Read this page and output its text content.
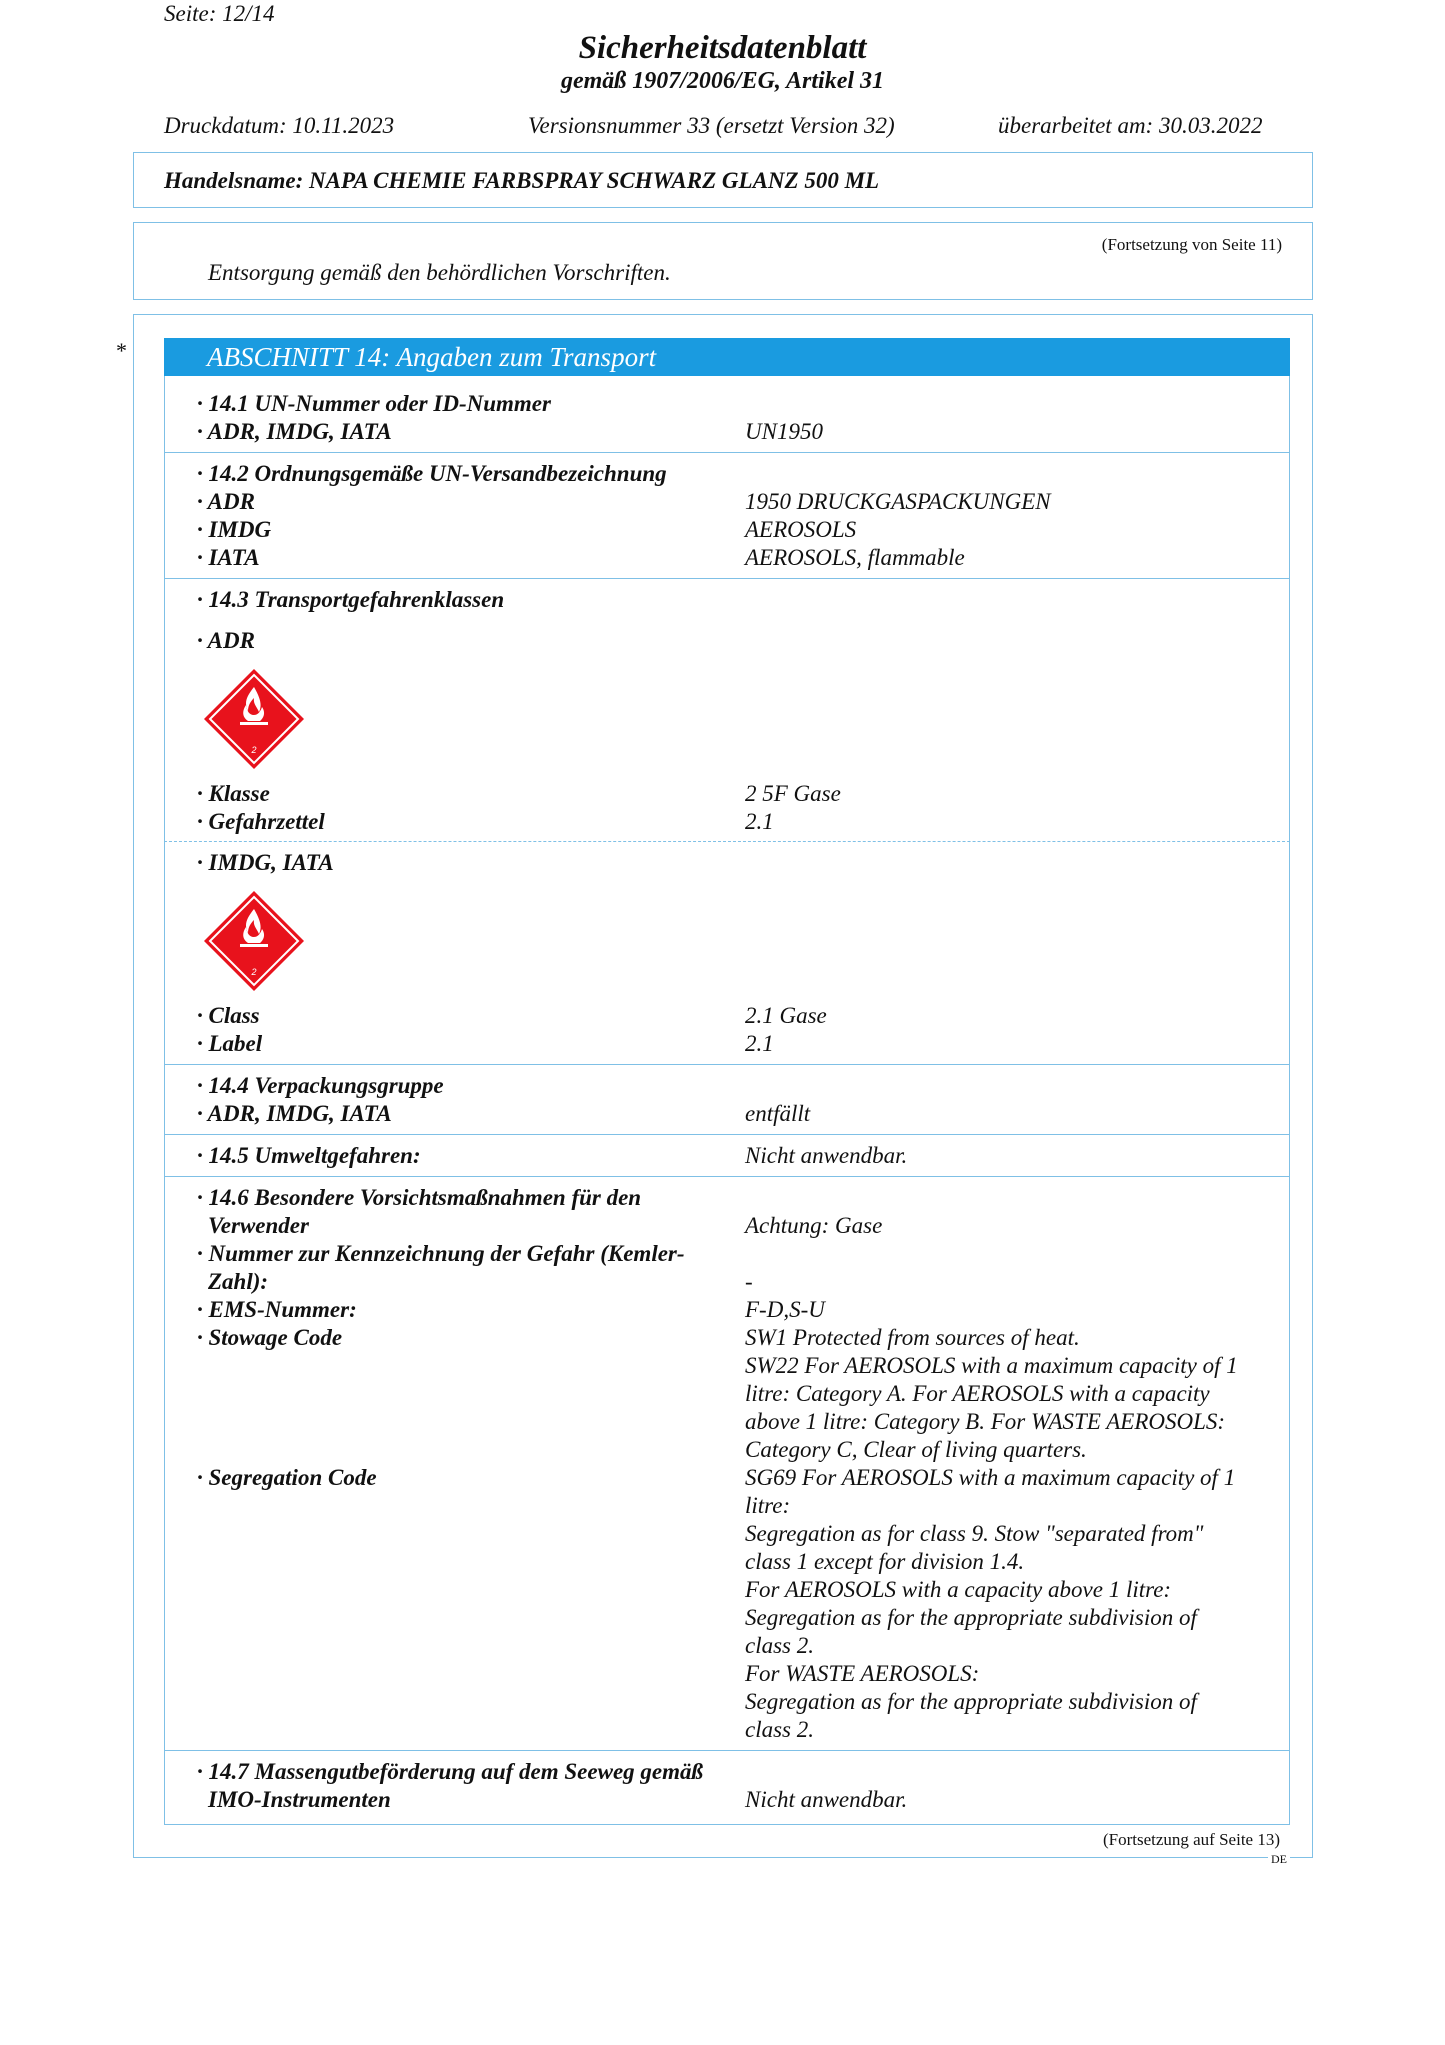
Seite: 12/14
Sicherheitsdatenblatt
gemäß 1907/2006/EG, Artikel 31
Druckdatum: 10.11.2023	Versionsnummer 33 (ersetzt Version 32)	überarbeitet am: 30.03.2022
Handelsname: NAPA CHEMIE FARBSPRAY SCHWARZ GLANZ 500 ML
(Fortsetzung von Seite 11)
Entsorgung gemäß den behördlichen Vorschriften.
*	ABSCHNITT 14: Angaben zum Transport
· 14.1 UN-Nummer oder ID-Nummer
· ADR, IMDG, IATA	UN1950
· 14.2 Ordnungsgemäße UN-Versandbezeichnung
· ADR	1950 DRUCKGASPACKUNGEN
· IMDG	AEROSOLS
· IATA	AEROSOLS, flammable
· 14.3 Transportgefahrenklassen
· ADR
2
· Klasse	2 5F Gase
· Gefahrzettel	2.1
· IMDG, IATA
2
· Class	2.1 Gase
· Label	2.1
· 14.4 Verpackungsgruppe
· ADR, IMDG, IATA	entfällt
· 14.5 Umweltgefahren:	Nicht anwendbar.
· 14.6 Besondere Vorsichtsmaßnahmen für den
Verwender	Achtung: Gase
· Nummer zur Kennzeichnung der Gefahr (Kemler-
Zahl):	-
· EMS-Nummer:	F-D,S-U
· Stowage Code	SW1 Protected from sources of heat.
SW22 For AEROSOLS with a maximum capacity of 1
litre: Category A. For AEROSOLS with a capacity
above 1 litre: Category B. For WASTE AEROSOLS:
Category C, Clear of living quarters.
· Segregation Code	SG69 For AEROSOLS with a maximum capacity of 1
litre:
Segregation as for class 9. Stow "separated from"
class 1 except for division 1.4.
For AEROSOLS with a capacity above 1 litre:
Segregation as for the appropriate subdivision of
class 2.
For WASTE AEROSOLS:
Segregation as for the appropriate subdivision of
class 2.
· 14.7 Massengutbeförderung auf dem Seeweg gemäß
IMO-Instrumenten	Nicht anwendbar.
(Fortsetzung auf Seite 13)
DE
